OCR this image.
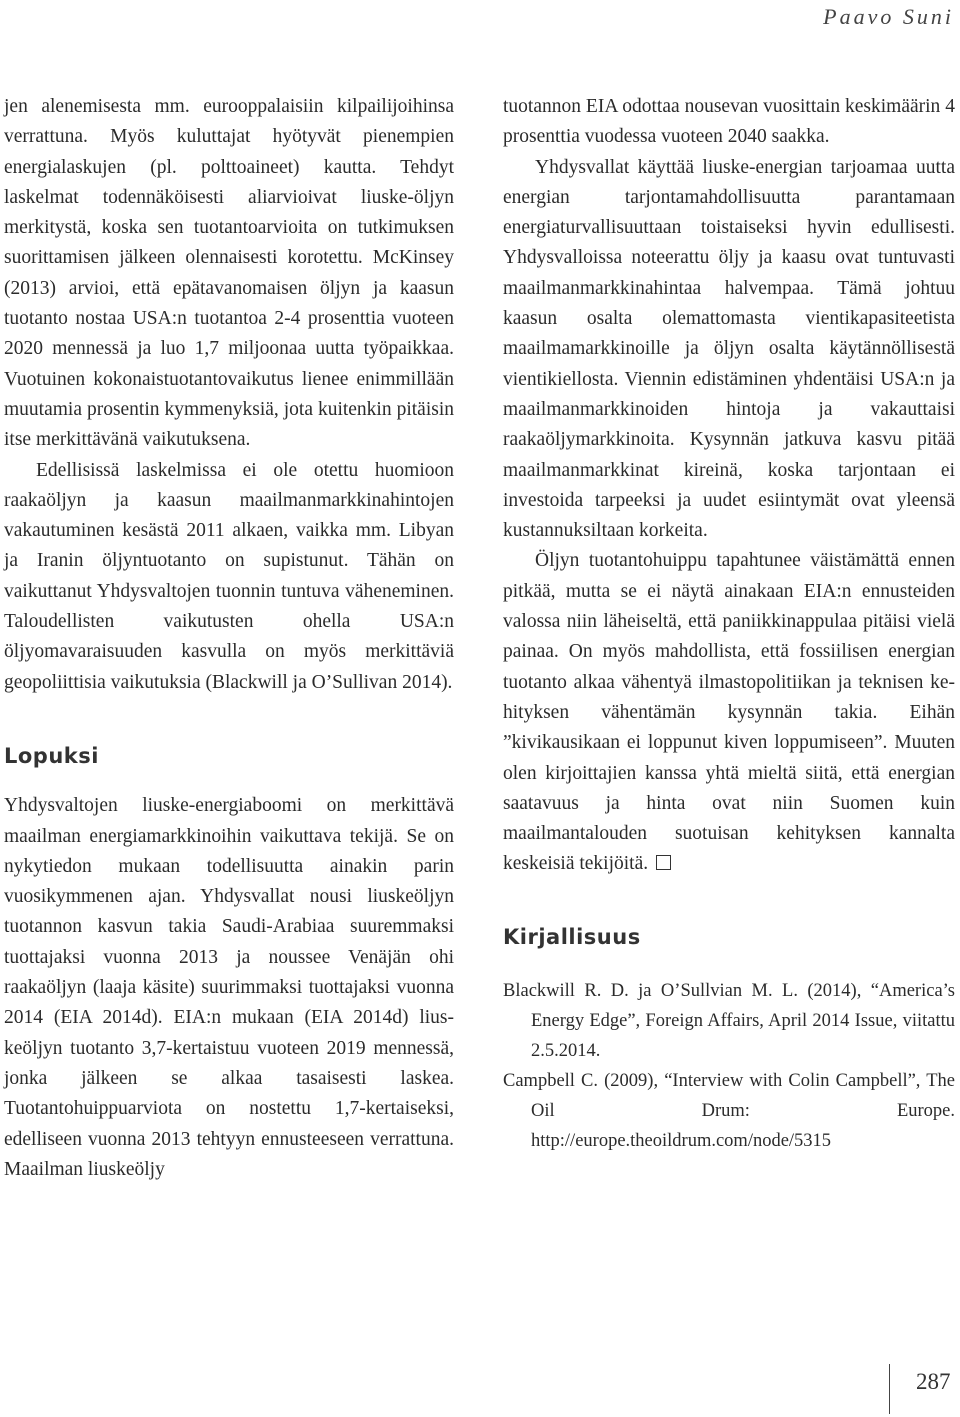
Paavo Suni

jen alenemisesta mm. eurooppalaisiin kilpailijoihinsa verrattuna. Myös kuluttajat hyötyvät pienempien energialaskujen (pl. polttoaineet) kautta. Tehdyt laskelmat todennäköisesti aliarvioivat liuske-öljyn merkitystä, koska sen tuotantoarvioita on tutkimuksen suorittamisen jälkeen olennaisesti korotettu. McKinsey (2013) arvioi, että epätavanomaisen öljyn ja kaasun tuotanto nostaa USA:n tuotantoa 2-4 prosenttia vuoteen 2020 mennessä ja luo 1,7 miljoonaa uutta työpaikkaa. Vuotuinen kokonaistuotantovaikutus lienee enimmillään muutamia prosentin kymmenyksiä, jota kuitenkin pitäisin itse merkittävänä vaikutuksena.

Edellisissä laskelmissa ei ole otettu huomioon raakaöljyn ja kaasun maailmanmarkkinahintojen vakautuminen kesästä 2011 alkaen, vaikka mm. Libyan ja Iranin öljyntuotanto on supistunut. Tähän on vaikuttanut Yhdysvaltojen tuonnin tuntuva väheneminen. Taloudellisten vaikutusten ohella USA:n öljyomavaraisuuden kasvulla on myös merkittäviä geopoliittisia vaikutuksia (Blackwill ja O’Sullivan 2014).

Lopuksi

Yhdysvaltojen liuske-energiaboomi on merkittävä maailman energiamarkkinoihin vaikuttava tekijä. Se on nykytiedon mukaan todellisuutta ainakin parin vuosikymmenen ajan. Yhdysvallat nousi liuskeöljyn tuotannon kasvun takia Saudi-Arabiaa suuremmaksi tuottajaksi vuonna 2013 ja noussee Venäjän ohi raakaöljyn (laaja käsite) suurimmaksi tuottajaksi vuonna 2014 (EIA 2014d). EIA:n mukaan (EIA 2014d) liuskeöljyn tuotanto 3,7-kertaistuu vuoteen 2019 mennessä, jonka jälkeen se alkaa tasaisesti laskea. Tuotantohuippuarviota on nostettu 1,7-kertaiseksi, edelliseen vuonna 2013 tehtyyn ennusteeseen verrattuna. Maailman liuskeöljy

tuotannon EIA odottaa nousevan vuosittain keskimäärin 4 prosenttia vuodessa vuoteen 2040 saakka.

Yhdysvallat käyttää liuske-energian tarjoamaa uutta energian tarjontamahdollisuutta parantamaan energiaturvallisuuttaan toistaiseksi hyvin edullisesti. Yhdysvalloissa noteerattu öljy ja kaasu ovat tuntuvasti maailmanmarkkinahintaa halvempaa. Tämä johtuu kaasun osalta olemattomasta vientikapasiteetista maailmamarkkinoille ja öljyn osalta käytännöllisestä vientikiellosta. Viennin edistäminen yhdentäisi USA:n ja maailmanmarkkinoiden hintoja ja vakauttaisi raakaöljymarkkinoita. Kysynnän jatkuva kasvu pitää maailmanmarkkinat kireinä, koska tarjontaan ei investoida tarpeeksi ja uudet esiintymät ovat yleensä kustannuksiltaan korkeita.

Öljyn tuotantohuippu tapahtunee väistämättä ennen pitkää, mutta se ei näytä ainakaan EIA:n ennusteiden valossa niin läheiseltä, että paniikkinappulaa pitäisi vielä painaa. On myös mahdollista, että fossiilisen energian tuotanto alkaa vähentyä ilmastopolitiikan ja teknisen kehityksen vähentämän kysynnän takia. Eihän ”kivikausikaan ei loppunut kiven loppumiseen”. Muuten olen kirjoittajien kanssa yhtä mieltä siitä, että energian saatavuus ja hinta ovat niin Suomen kuin maailmantalouden suotuisan kehityksen kannalta keskeisiä tekijöitä.

Kirjallisuus

Blackwill R. D. ja O’Sullvian M. L. (2014), “America’s Energy Edge”, Foreign Affairs, April 2014 Issue, viitattu 2.5.2014.

Campbell C. (2009), “Interview with Colin Campbell”, The Oil Drum: Europe. http://europe.theoildrum.com/node/5315

287
